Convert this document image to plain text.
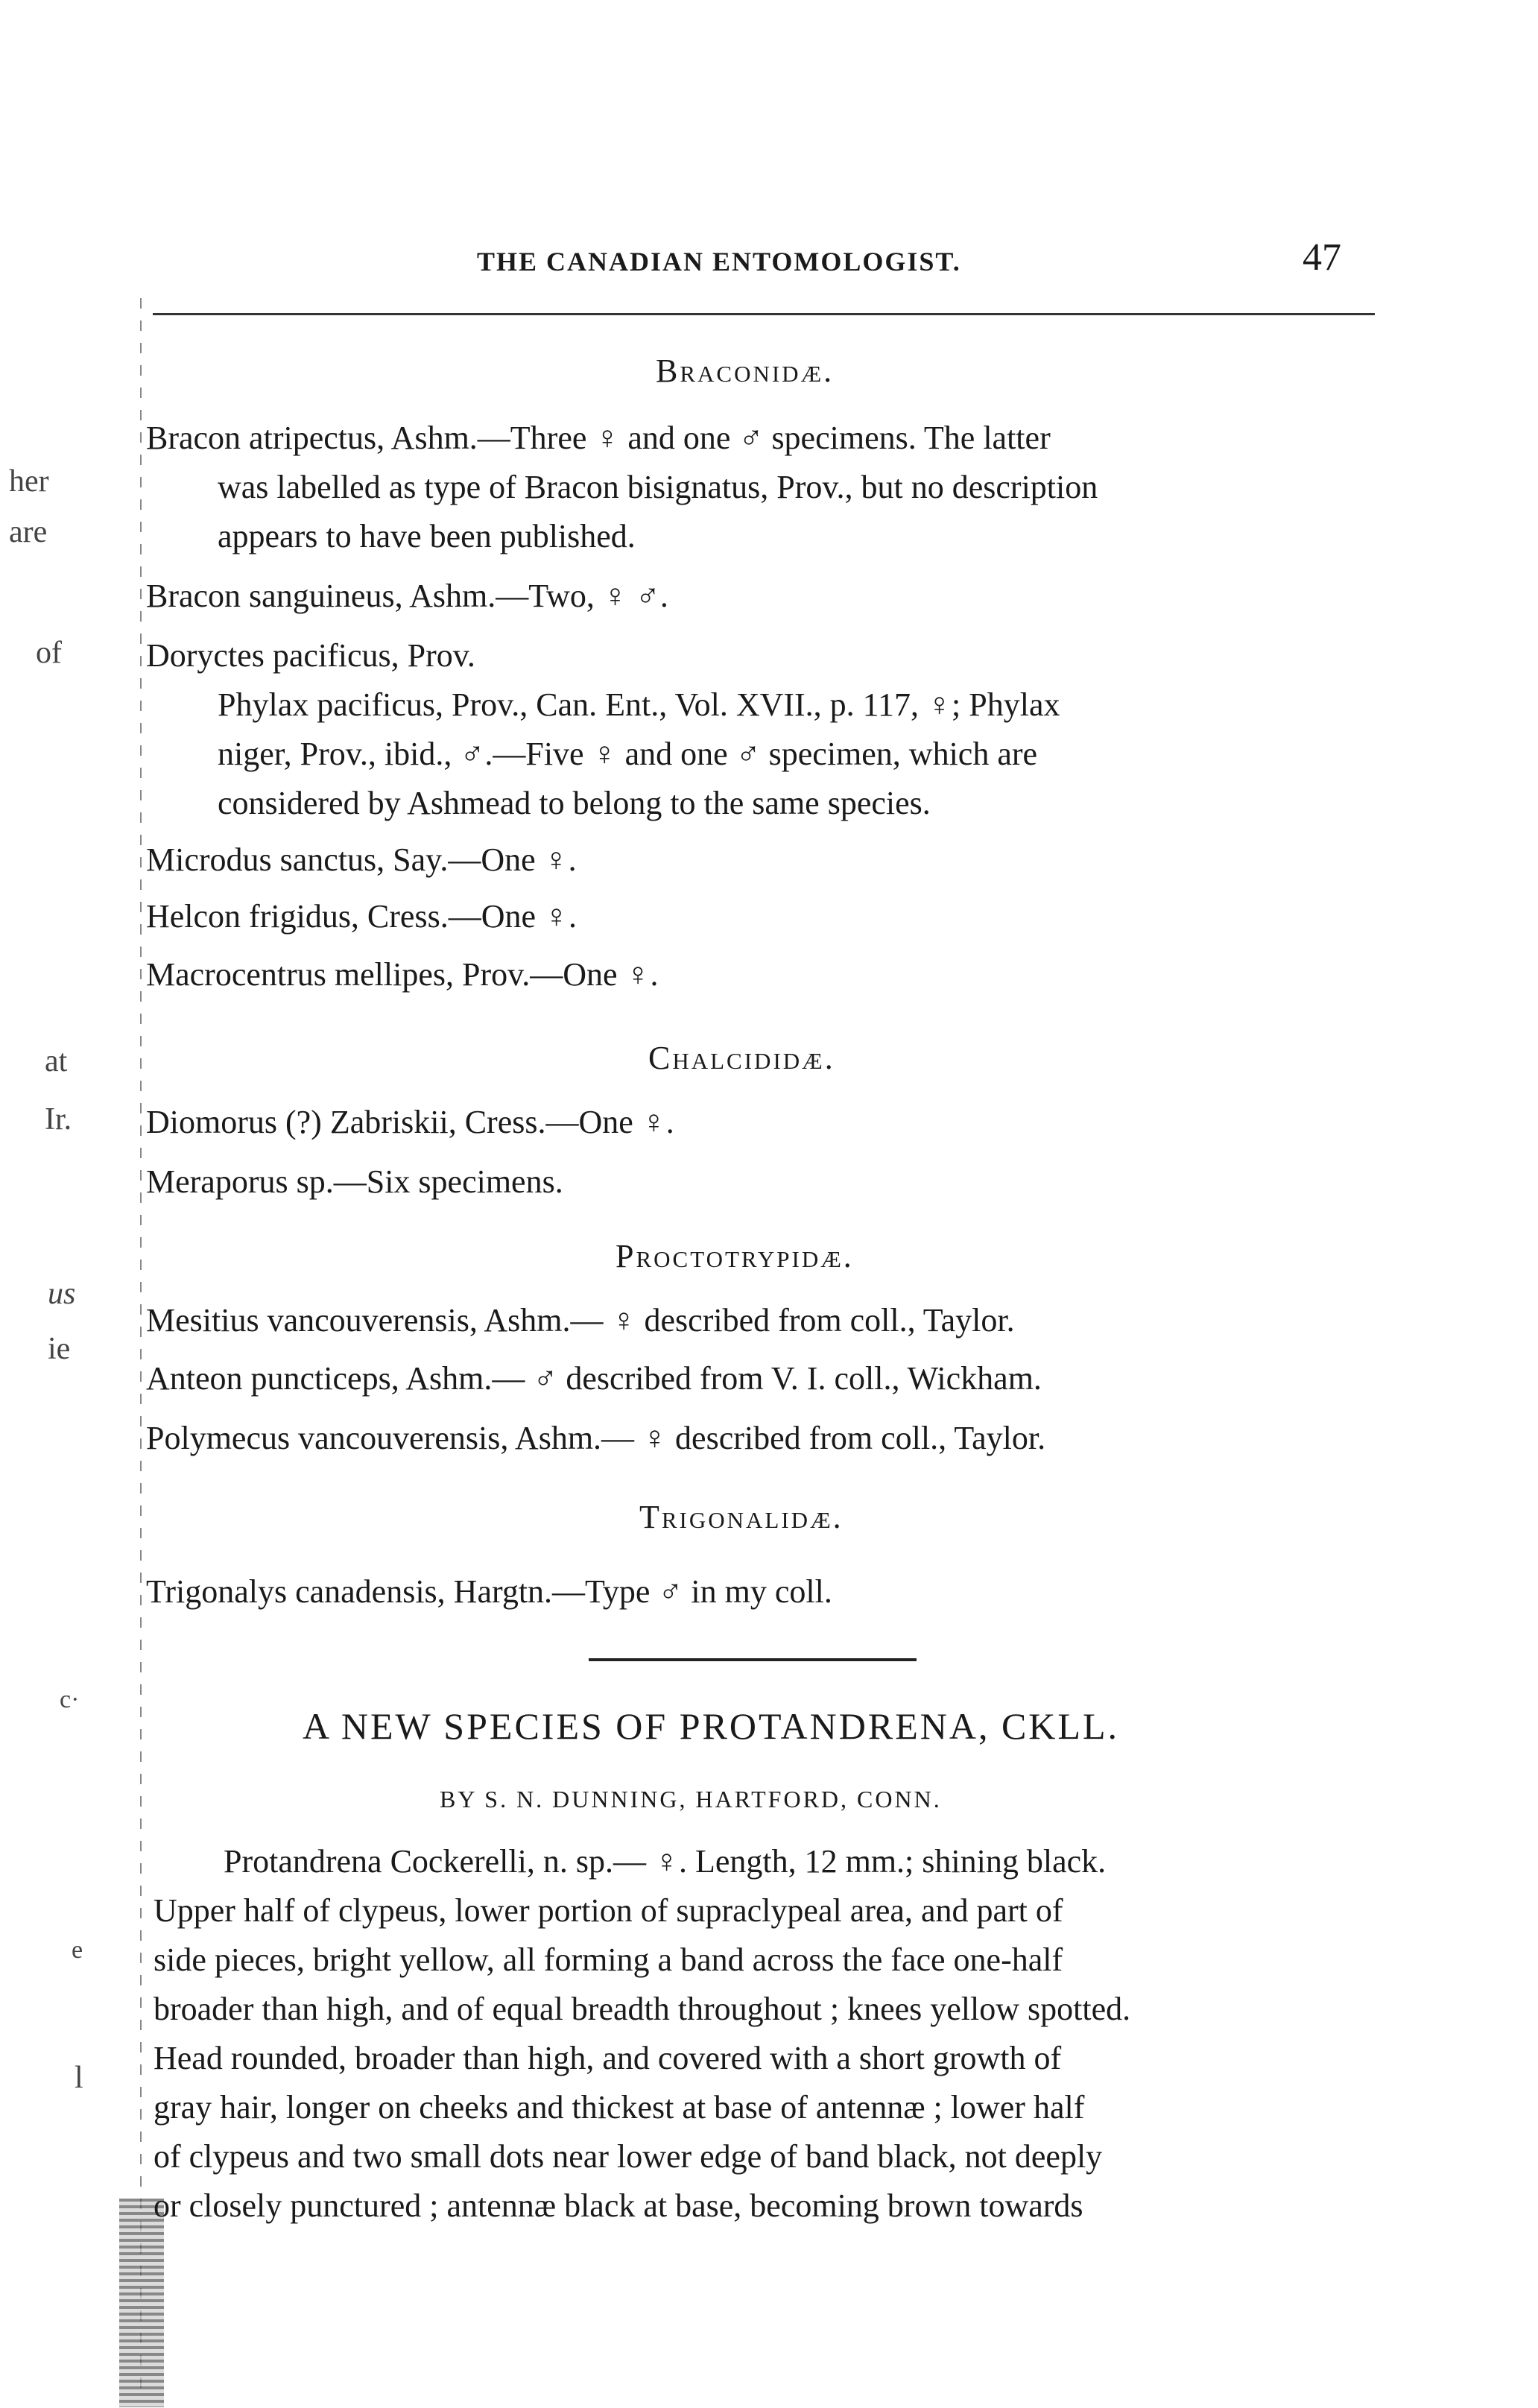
her
are
of
at
Ir.
us
ie
c·
e
l
THE CANADIAN ENTOMOLOGIST.	47
Braconidæ.
Bracon atripectus, Ashm.—Three ♀ and one ♂ specimens. The latter
was labelled as type of Bracon bisignatus, Prov., but no description
appears to have been published.
Bracon sanguineus, Ashm.—Two, ♀ ♂.
Doryctes pacificus, Prov.
Phylax pacificus, Prov., Can. Ent., Vol. XVII., p. 117, ♀; Phylax
niger, Prov., ibid., ♂.—Five ♀ and one ♂ specimen, which are
considered by Ashmead to belong to the same species.
Microdus sanctus, Say.—One ♀.
Helcon frigidus, Cress.—One ♀.
Macrocentrus mellipes, Prov.—One ♀.
Chalcididæ.
Diomorus (?) Zabriskii, Cress.—One ♀.
Meraporus sp.—Six specimens.
Proctotrypidæ.
Mesitius vancouverensis, Ashm.— ♀ described from coll., Taylor.
Anteon puncticeps, Ashm.— ♂ described from V. I. coll., Wickham.
Polymecus vancouverensis, Ashm.— ♀ described from coll., Taylor.
Trigonalidæ.
Trigonalys canadensis, Hargtn.—Type ♂ in my coll.
A NEW SPECIES OF PROTANDRENA, CKLL.
BY S. N. DUNNING, HARTFORD, CONN.
Protandrena Cockerelli, n. sp.— ♀. Length, 12 mm.; shining black.
Upper half of clypeus, lower portion of supraclypeal area, and part of
side pieces, bright yellow, all forming a band across the face one-half
broader than high, and of equal breadth throughout ; knees yellow spotted.
Head rounded, broader than high, and covered with a short growth of
gray hair, longer on cheeks and thickest at base of antennæ ; lower half
of clypeus and two small dots near lower edge of band black, not deeply
or closely punctured ; antennæ black at base, becoming brown towards
